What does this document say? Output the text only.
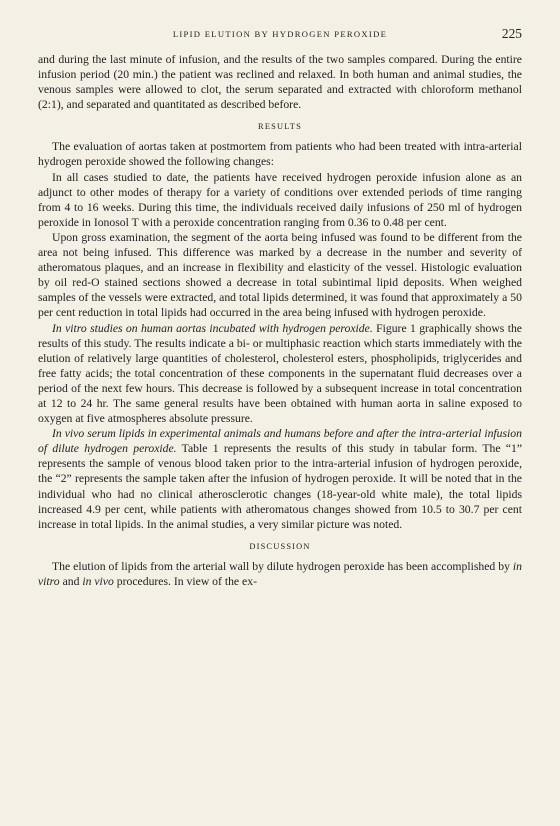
LIPID ELUTION BY HYDROGEN PEROXIDE	225

and during the last minute of infusion, and the results of the two samples compared. During the entire infusion period (20 min.) the patient was reclined and relaxed. In both human and animal studies, the venous samples were allowed to clot, the serum separated and extracted with chloroform methanol (2:1), and separated and quantitated as described before.

RESULTS

The evaluation of aortas taken at postmortem from patients who had been treated with intra-arterial hydrogen peroxide showed the following changes:

In all cases studied to date, the patients have received hydrogen peroxide infusion alone as an adjunct to other modes of therapy for a variety of conditions over extended periods of time ranging from 4 to 16 weeks. During this time, the individuals received daily infusions of 250 ml of hydrogen peroxide in Ionosol T with a peroxide concentration ranging from 0.36 to 0.48 per cent.

Upon gross examination, the segment of the aorta being infused was found to be different from the area not being infused. This difference was marked by a decrease in the number and severity of atheromatous plaques, and an increase in flexibility and elasticity of the vessel. Histologic evaluation by oil red-O stained sections showed a decrease in total subintimal lipid deposits. When weighed samples of the vessels were extracted, and total lipids determined, it was found that approximately a 50 per cent reduction in total lipids had occurred in the area being infused with hydrogen peroxide.

In vitro studies on human aortas incubated with hydrogen peroxide. Figure 1 graphically shows the results of this study. The results indicate a bi- or multiphasic reaction which starts immediately with the elution of relatively large quantities of cholesterol, cholesterol esters, phospholipids, triglycerides and free fatty acids; the total concentration of these components in the supernatant fluid decreases over a period of the next few hours. This decrease is followed by a subsequent increase in total concentration at 12 to 24 hr. The same general results have been obtained with human aorta in saline exposed to oxygen at five atmospheres absolute pressure.

In vivo serum lipids in experimental animals and humans before and after the intra-arterial infusion of dilute hydrogen peroxide. Table 1 represents the results of this study in tabular form. The “1” represents the sample of venous blood taken prior to the intra-arterial infusion of hydrogen peroxide, the “2” represents the sample taken after the infusion of hydrogen peroxide. It will be noted that in the individual who had no clinical atherosclerotic changes (18-year-old white male), the total lipids increased 4.9 per cent, while patients with atheromatous changes showed from 10.5 to 30.7 per cent increase in total lipids. In the animal studies, a very similar picture was noted.

DISCUSSION

The elution of lipids from the arterial wall by dilute hydrogen peroxide has been accomplished by in vitro and in vivo procedures. In view of the ex-
